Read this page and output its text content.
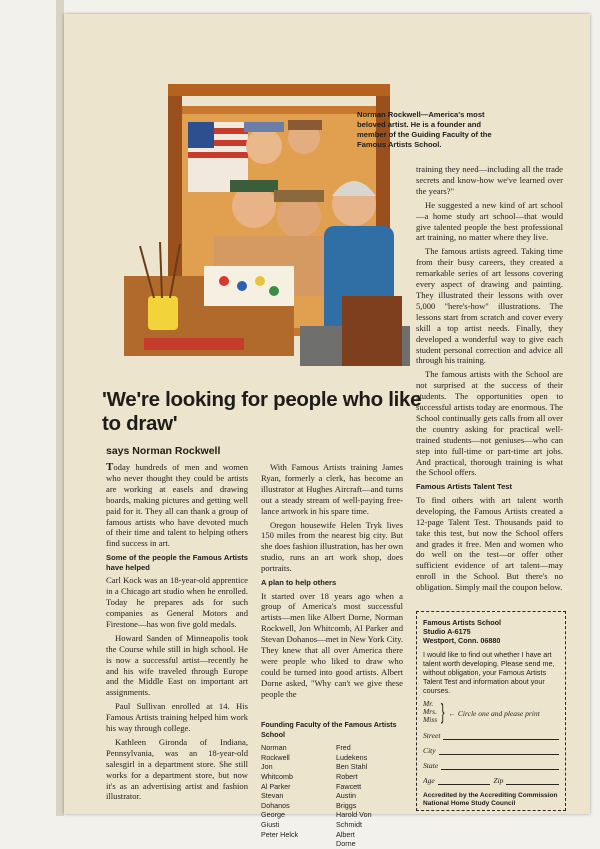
Norman Rockwell—America's most beloved artist. He is a founder and member of the Guiding Faculty of the Famous Artists School.
'We're looking for people who like to draw'
says Norman Rockwell

Today hundreds of men and women who never thought they could be artists are working at easels and drawing boards, making pictures and getting well paid for it. They all can thank a group of famous artists who have devoted much of their time and talent to helping others find success in art.

Some of the people the Famous Artists have helped

Carl Kock was an 18-year-old apprentice in a Chicago art studio when he enrolled. Today he prepares ads for such companies as General Motors and Firestone—has won five gold medals.

Howard Sanden of Minneapolis took the Course while still in high school. He is now a successful artist—recently he and his wife traveled through Europe and the Middle East on important art assignments.

Paul Sullivan enrolled at 14. His Famous Artists training helped him work his way through college.

Kathleen Gironda of Indiana, Pennsylvania, was an 18-year-old salesgirl in a department store. She still works for a department store, but now it's as an advertising artist and fashion illustrator.

With Famous Artists training James Ryan, formerly a clerk, has become an illustrator at Hughes Aircraft—and turns out a steady stream of well-paying free-lance artwork in his spare time.

Oregon housewife Helen Tryk lives 150 miles from the nearest big city. But she does fashion illustration, has her own studio, runs an art work shop, does portraits.

A plan to help others

It started over 18 years ago when a group of America's most successful artists—men like Albert Dorne, Norman Rockwell, Jon Whitcomb, Al Parker and Stevan Dohanos—met in New York City. They knew that all over America there were people who liked to draw who could be turned into good artists. Albert Dorne asked, "Why can't we give these people the

Founding Faculty of the Famous Artists School
Norman Rockwell
Jon Whitcomb
Al Parker
Stevan Dohanos
George Giusti
Peter Helck
Fred Ludekens
Ben Stahl
Robert Fawcett
Austin Briggs
Harold Von Schmidt
Albert Dorne

training they need—including all the trade secrets and know-how we've learned over the years?"

He suggested a new kind of art school—a home study art school—that would give talented people the best professional art training, no matter where they live.

The famous artists agreed. Taking time from their busy careers, they created a remarkable series of art lessons covering every aspect of drawing and painting. They illustrated their lessons with over 5,000 "here's-how" illustrations. The lessons start from scratch and cover every skill a top artist needs. Finally, they developed a wonderful way to give each student personal correction and advice all through his training.

The famous artists with the School are not surprised at the success of their students. The opportunities open to successful artists today are enormous. The School continually gets calls from all over the country asking for practical well-trained students—not geniuses—who can step into full-time or part-time art jobs. And practical, thorough training is what the School offers.

Famous Artists Talent Test

To find others with art talent worth developing, the Famous Artists created a 12-page Talent Test. Thousands paid to take this test, but now the School offers and grades it free. Men and women who do well on the test—or offer other sufficient evidence of art talent—may enroll in the School. But there's no obligation. Simply mail the coupon below.

Famous Artists School
Studio A-6175
Westport, Conn. 06880
I would like to find out whether I have art talent worth developing. Please send me, without obligation, your Famous Artists Talent Test and information about your courses.
Mr.
Mrs.
Miss } ← Circle one and please print
Street
City
State
Age	Zip
Accredited by the Accrediting Commission National Home Study Council
